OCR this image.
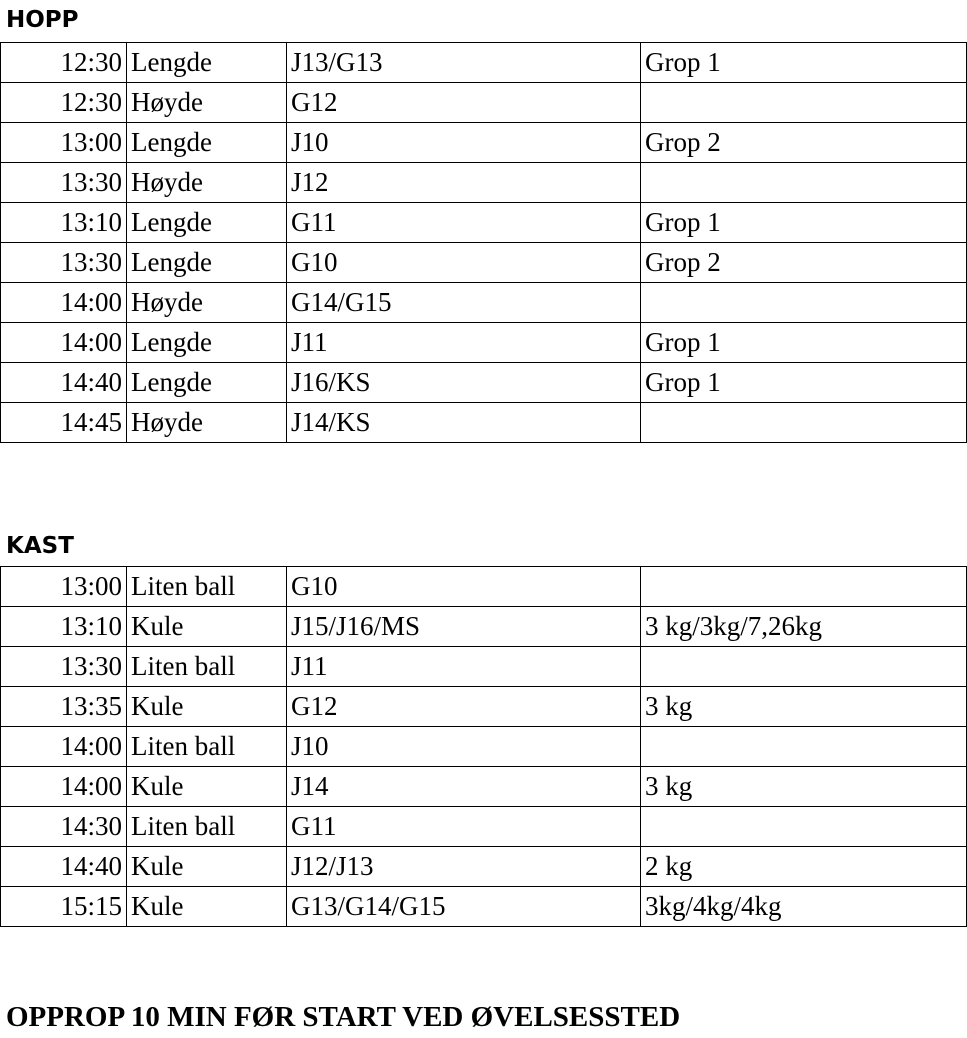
HOPP
12:30	Lengde	J13/G13	Grop 1
12:30	Høyde	G12	
13:00	Lengde	J10	Grop 2
13:30	Høyde	J12	
13:10	Lengde	G11	Grop 1
13:30	Lengde	G10	Grop 2
14:00	Høyde	G14/G15	
14:00	Lengde	J11	Grop 1
14:40	Lengde	J16/KS	Grop 1
14:45	Høyde	J14/KS	
KAST
13:00	Liten ball	G10	
13:10	Kule	J15/J16/MS	3 kg/3kg/7,26kg
13:30	Liten ball	J11	
13:35	Kule	G12	3 kg
14:00	Liten ball	J10	
14:00	Kule	J14	3 kg
14:30	Liten ball	G11	
14:40	Kule	J12/J13	2 kg
15:15	Kule	G13/G14/G15	3kg/4kg/4kg

OPPROP 10 MIN FØR START VED ØVELSESSTED
